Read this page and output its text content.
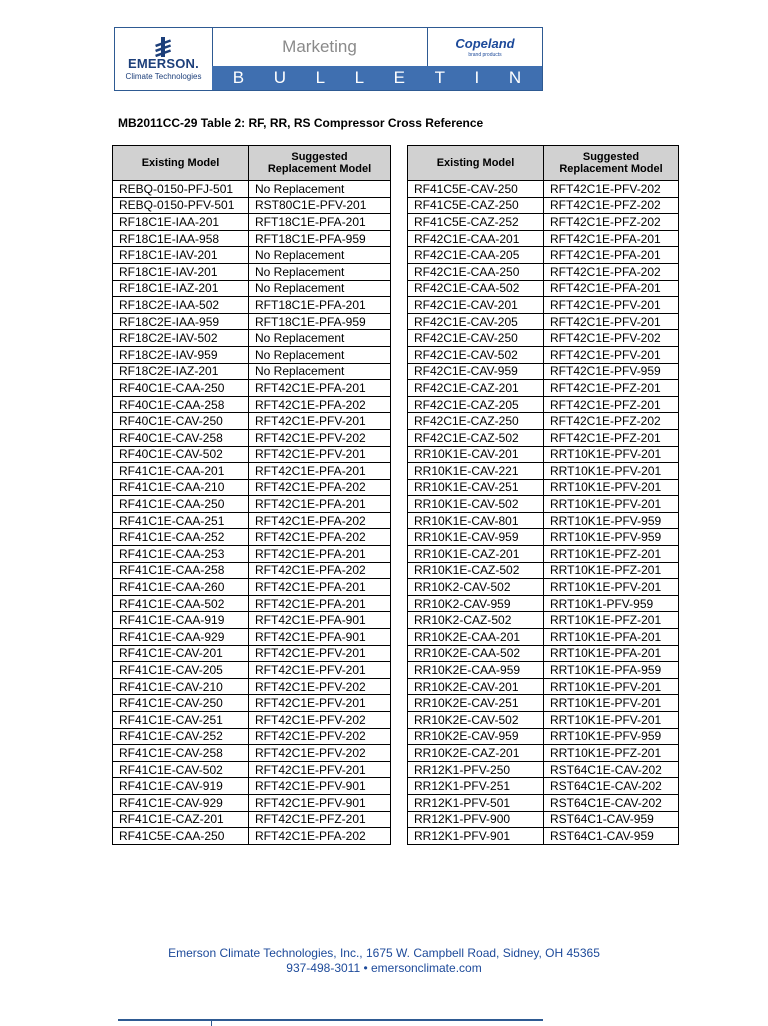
EMERSON.
Climate Technologies
Marketing	Copeland
brand products
B U L L E T I N
MB2011CC-29 Table 2: RF, RR, RS Compressor Cross Reference
Existing Model	Suggested
Replacement Model
REBQ-0150-PFJ-501	No Replacement
REBQ-0150-PFV-501	RST80C1E-PFV-201
RF18C1E-IAA-201	RFT18C1E-PFA-201
RF18C1E-IAA-958	RFT18C1E-PFA-959
RF18C1E-IAV-201	No Replacement
RF18C1E-IAV-201	No Replacement
RF18C1E-IAZ-201	No Replacement
RF18C2E-IAA-502	RFT18C1E-PFA-201
RF18C2E-IAA-959	RFT18C1E-PFA-959
RF18C2E-IAV-502	No Replacement
RF18C2E-IAV-959	No Replacement
RF18C2E-IAZ-201	No Replacement
RF40C1E-CAA-250	RFT42C1E-PFA-201
RF40C1E-CAA-258	RFT42C1E-PFA-202
RF40C1E-CAV-250	RFT42C1E-PFV-201
RF40C1E-CAV-258	RFT42C1E-PFV-202
RF40C1E-CAV-502	RFT42C1E-PFV-201
RF41C1E-CAA-201	RFT42C1E-PFA-201
RF41C1E-CAA-210	RFT42C1E-PFA-202
RF41C1E-CAA-250	RFT42C1E-PFA-201
RF41C1E-CAA-251	RFT42C1E-PFA-202
RF41C1E-CAA-252	RFT42C1E-PFA-202
RF41C1E-CAA-253	RFT42C1E-PFA-201
RF41C1E-CAA-258	RFT42C1E-PFA-202
RF41C1E-CAA-260	RFT42C1E-PFA-201
RF41C1E-CAA-502	RFT42C1E-PFA-201
RF41C1E-CAA-919	RFT42C1E-PFA-901
RF41C1E-CAA-929	RFT42C1E-PFA-901
RF41C1E-CAV-201	RFT42C1E-PFV-201
RF41C1E-CAV-205	RFT42C1E-PFV-201
RF41C1E-CAV-210	RFT42C1E-PFV-202
RF41C1E-CAV-250	RFT42C1E-PFV-201
RF41C1E-CAV-251	RFT42C1E-PFV-202
RF41C1E-CAV-252	RFT42C1E-PFV-202
RF41C1E-CAV-258	RFT42C1E-PFV-202
RF41C1E-CAV-502	RFT42C1E-PFV-201
RF41C1E-CAV-919	RFT42C1E-PFV-901
RF41C1E-CAV-929	RFT42C1E-PFV-901
RF41C1E-CAZ-201	RFT42C1E-PFZ-201
RF41C5E-CAA-250	RFT42C1E-PFA-202
Existing Model	Suggested
Replacement Model
RF41C5E-CAV-250	RFT42C1E-PFV-202
RF41C5E-CAZ-250	RFT42C1E-PFZ-202
RF41C5E-CAZ-252	RFT42C1E-PFZ-202
RF42C1E-CAA-201	RFT42C1E-PFA-201
RF42C1E-CAA-205	RFT42C1E-PFA-201
RF42C1E-CAA-250	RFT42C1E-PFA-202
RF42C1E-CAA-502	RFT42C1E-PFA-201
RF42C1E-CAV-201	RFT42C1E-PFV-201
RF42C1E-CAV-205	RFT42C1E-PFV-201
RF42C1E-CAV-250	RFT42C1E-PFV-202
RF42C1E-CAV-502	RFT42C1E-PFV-201
RF42C1E-CAV-959	RFT42C1E-PFV-959
RF42C1E-CAZ-201	RFT42C1E-PFZ-201
RF42C1E-CAZ-205	RFT42C1E-PFZ-201
RF42C1E-CAZ-250	RFT42C1E-PFZ-202
RF42C1E-CAZ-502	RFT42C1E-PFZ-201
RR10K1E-CAV-201	RRT10K1E-PFV-201
RR10K1E-CAV-221	RRT10K1E-PFV-201
RR10K1E-CAV-251	RRT10K1E-PFV-201
RR10K1E-CAV-502	RRT10K1E-PFV-201
RR10K1E-CAV-801	RRT10K1E-PFV-959
RR10K1E-CAV-959	RRT10K1E-PFV-959
RR10K1E-CAZ-201	RRT10K1E-PFZ-201
RR10K1E-CAZ-502	RRT10K1E-PFZ-201
RR10K2-CAV-502	RRT10K1E-PFV-201
RR10K2-CAV-959	RRT10K1-PFV-959
RR10K2-CAZ-502	RRT10K1E-PFZ-201
RR10K2E-CAA-201	RRT10K1E-PFA-201
RR10K2E-CAA-502	RRT10K1E-PFA-201
RR10K2E-CAA-959	RRT10K1E-PFA-959
RR10K2E-CAV-201	RRT10K1E-PFV-201
RR10K2E-CAV-251	RRT10K1E-PFV-201
RR10K2E-CAV-502	RRT10K1E-PFV-201
RR10K2E-CAV-959	RRT10K1E-PFV-959
RR10K2E-CAZ-201	RRT10K1E-PFZ-201
RR12K1-PFV-250	RST64C1E-CAV-202
RR12K1-PFV-251	RST64C1E-CAV-202
RR12K1-PFV-501	RST64C1E-CAV-202
RR12K1-PFV-900	RST64C1-CAV-959
RR12K1-PFV-901	RST64C1-CAV-959
Emerson Climate Technologies, Inc., 1675 W. Campbell Road, Sidney, OH 45365
937-498-3011 • emersonclimate.com
